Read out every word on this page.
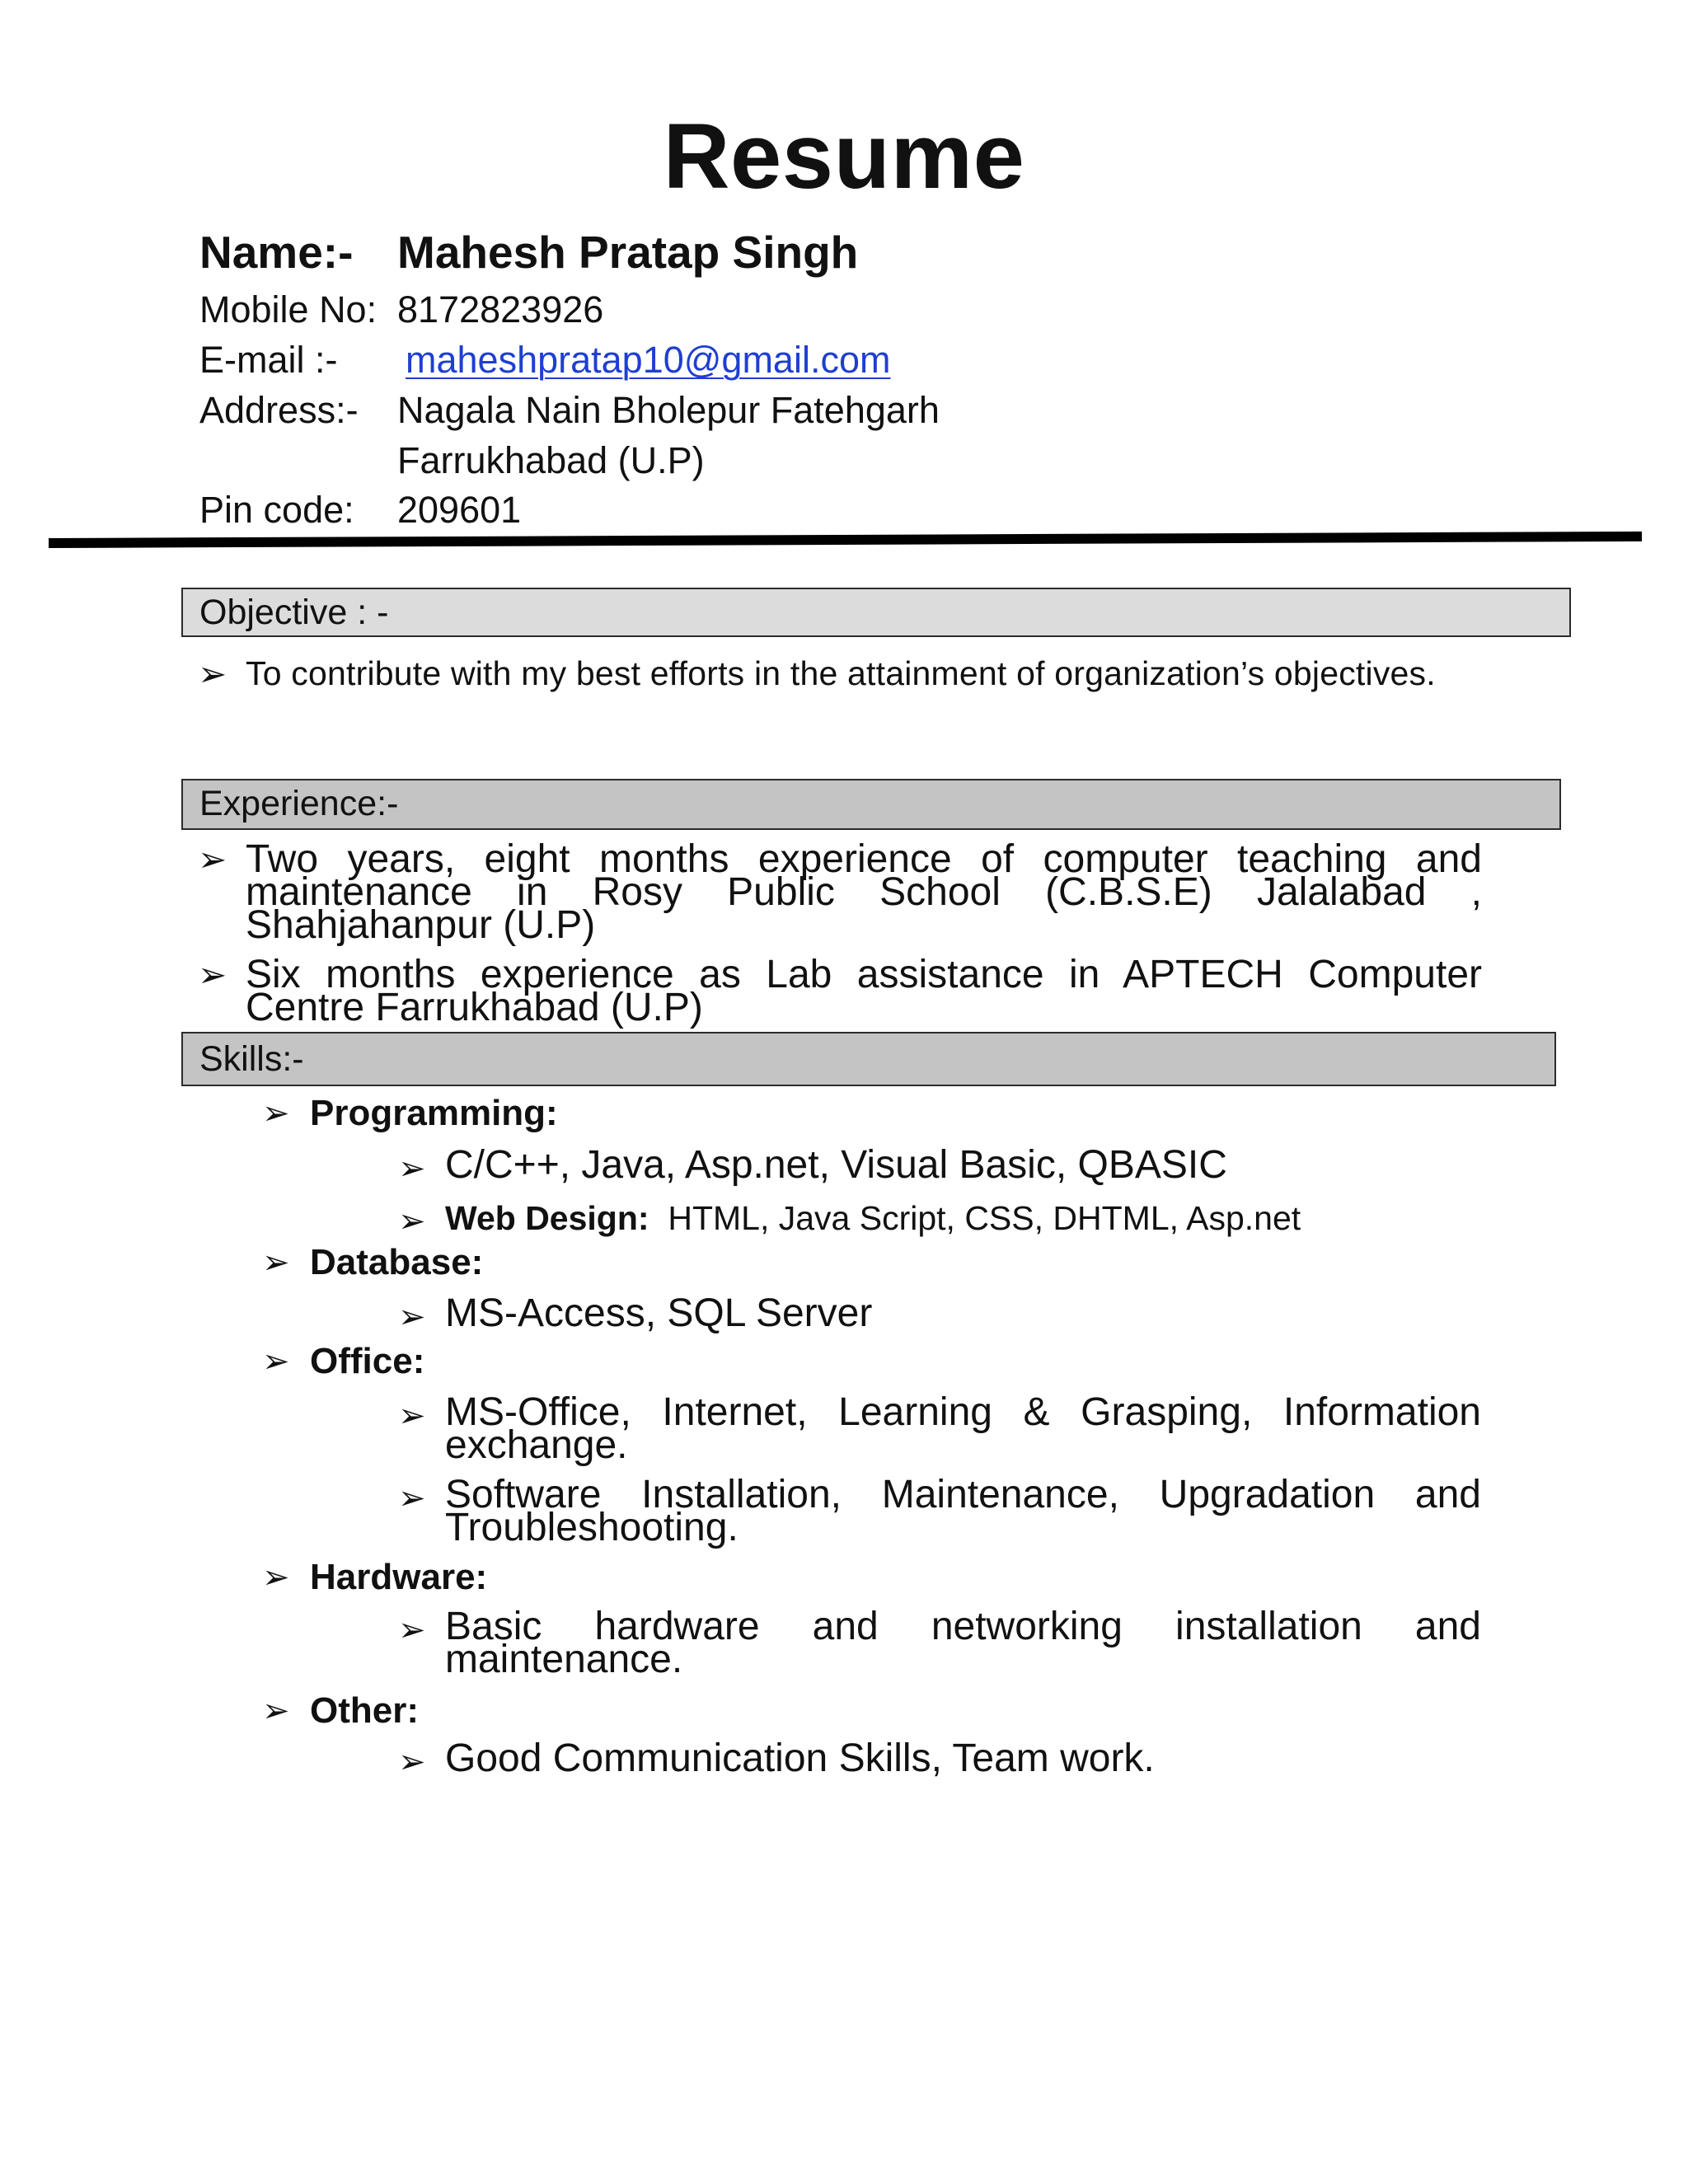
Resume
Name:- Mahesh Pratap Singh
Mobile No: 8172823926
E-mail :- maheshpratap10@gmail.com
Address:- Nagala Nain Bholepur Fatehgarh
Farrukhabad (U.P)
Pin code: 209601
Objective : -
➢ To contribute with my best efforts in the attainment of organization’s objectives.
Experience:-
➢ Two years, eight months experience of computer teaching and maintenance in Rosy Public School (C.B.S.E) Jalalabad , Shahjahanpur (U.P)
➢ Six months experience as Lab assistance in APTECH Computer Centre Farrukhabad (U.P)
Skills:-
➢ Programming:
➢ C/C++, Java, Asp.net, Visual Basic, QBASIC
➢ Web Design: HTML, Java Script, CSS, DHTML, Asp.net
➢ Database:
➢ MS-Access, SQL Server
➢ Office:
➢ MS-Office, Internet, Learning & Grasping, Information exchange.
➢ Software Installation, Maintenance, Upgradation and Troubleshooting.
➢ Hardware:
➢ Basic hardware and networking installation and maintenance.
➢ Other:
➢ Good Communication Skills, Team work.
